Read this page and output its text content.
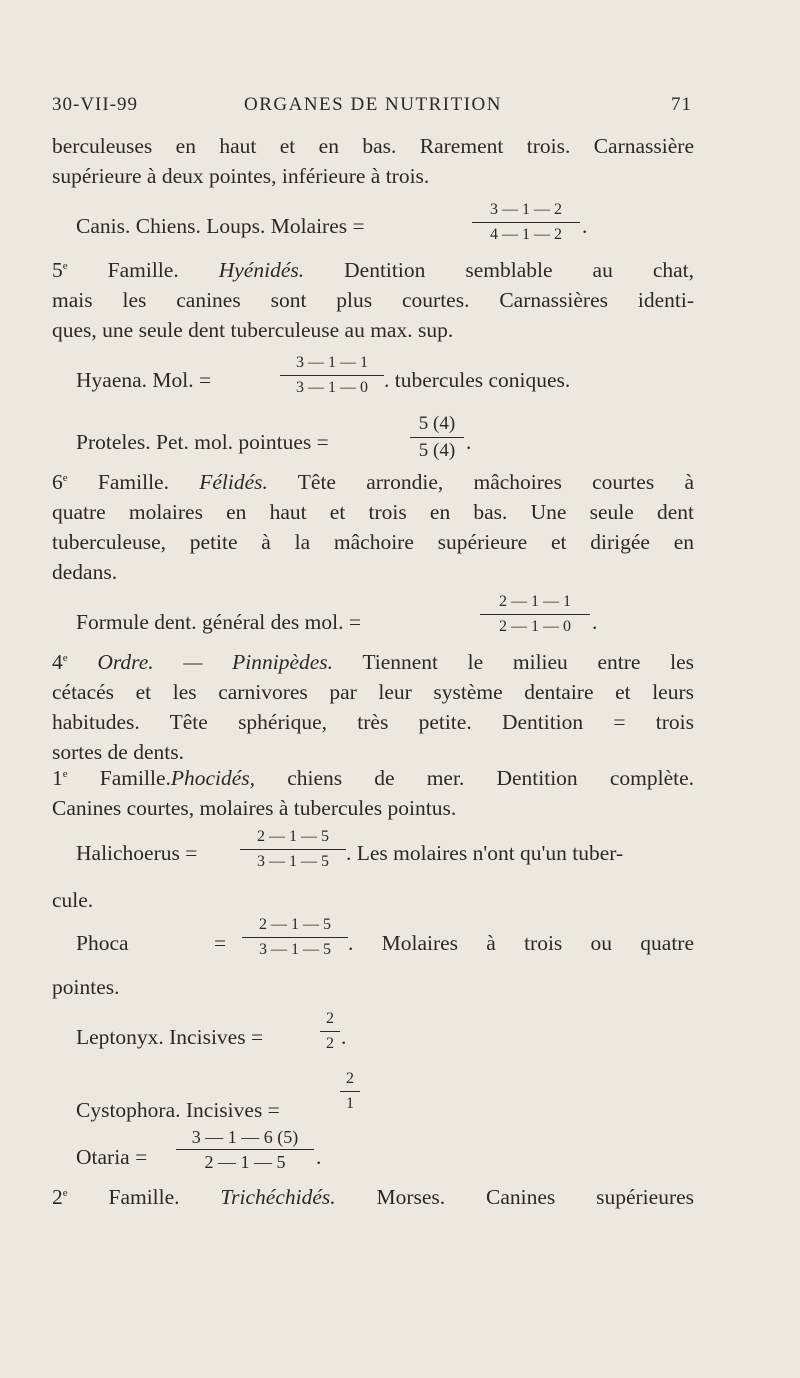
30-VII-99	ORGANES DE NUTRITION	71
berculeuses en haut et en bas. Rarement trois. Carnassière
supérieure à deux pointes, inférieure à trois.
Canis. Chiens. Loups. Molaires =
3 — 1 — 2
4 — 1 — 2 .
5e Famille. Hyénidés. Dentition semblable au chat,
mais les canines sont plus courtes. Carnassières identi-
ques, une seule dent tuberculeuse au max. sup.
Hyaena. Mol. =
3 — 1 — 1
3 — 1 — 0 . tubercules coniques.
Proteles. Pet. mol. pointues =
5 (4)
5 (4) .
6e Famille. Félidés. Tête arrondie, mâchoires courtes à
quatre molaires en haut et trois en bas. Une seule dent
tuberculeuse, petite à la mâchoire supérieure et dirigée en
dedans.
Formule dent. général des mol. =
2 — 1 — 1
2 — 1 — 0 .
4e Ordre. — Pinnipèdes. Tiennent le milieu entre les
cétacés et les carnivores par leur système dentaire et leurs
habitudes. Tête sphérique, très petite. Dentition = trois
sortes de dents.
1e Famille.Phocidés, chiens de mer. Dentition complète.
Canines courtes, molaires à tubercules pointus.
Halichoerus =
2 — 1 — 5
3 — 1 — 5 . Les molaires n'ont qu'un tuber-
cule.
Phoca	=
2 — 1 — 5
3 — 1 — 5 . Molaires à trois ou quatre
pointes.
Leptonyx. Incisives =
2
2 .
Cystophora. Incisives =
2
1
Otaria =
3 — 1 — 6 (5)
2 — 1 — 5	.
2e Famille. Trichéchidés. Morses. Canines supérieures
